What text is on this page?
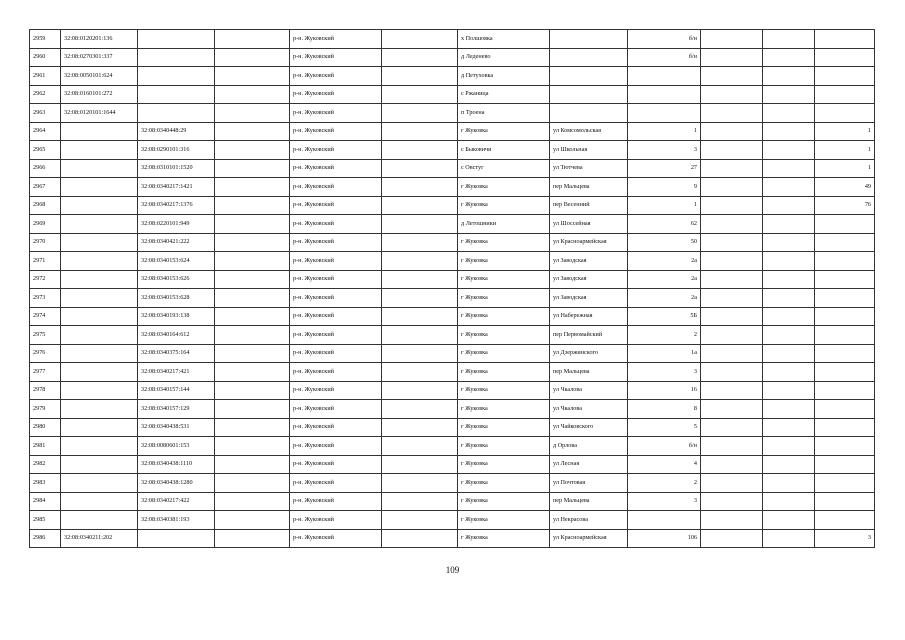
2959	32:08:0120201:136			р-н. Жуковский		х Полшовка		б/н			
2960	32:08:0270301:337			р-н. Жуковский		д Леденево		б/н			
2961	32:08:0050101:624			р-н. Жуковский		д Петуховка					
2962	32:08:0160101:272			р-н. Жуковский		с Ржаница					
2963	32:08:0120101:1644			р-н. Жуковский		п Троена					
2964		32:08:0340448:29		р-н. Жуковский		г Жуковка	ул Комсомольская	1			1
2965		32:08:0290101:316		р-н. Жуковский		с Быковичи	ул Школьная	3			1
2966		32:08:0310101:1520		р-н. Жуковский		с Овстуг	ул Тютчева	27			1
2967		32:08:0340217:1421		р-н. Жуковский		г Жуковка	пер Мальцева	9			49
2968		32:08:0340217:1376		р-н. Жуковский		г Жуковка	пер Весенний	1			76
2969		32:08:0220101:949		р-н. Жуковский		д Летошники	ул Шоссейная	62			
2970		32:08:0340421:222		р-н. Жуковский		г Жуковка	ул Красноармейская	50			
2971		32:08:0340153:624		р-н. Жуковский		г Жуковка	ул Заводская	2а			
2972		32:08:0340153:626		р-н. Жуковский		г Жуковка	ул Заводская	2а			
2973		32:08:0340153:628		р-н. Жуковский		г Жуковка	ул Заводская	2а			
2974		32:08:0340193:138		р-н. Жуковский		г Жуковка	ул Набережная	5Б			
2975		32:08:0340164:612		р-н. Жуковский		г Жуковка	пер Первомайский	2			
2976		32:08:0340375:164		р-н. Жуковский		г Жуковка	ул Дзержинского	1а			
2977		32:08:0340217:421		р-н. Жуковский		г Жуковка	пер Мальцева	3			
2978		32:08:0340157:144		р-н. Жуковский		г Жуковка	ул Чкалова	16			
2979		32:08:0340157:129		р-н. Жуковский		г Жуковка	ул Чкалова	8			
2980		32:08:0340438:531		р-н. Жуковский		г Жуковка	ул Чайковского	5			
2981		32:08:0080601:153		р-н. Жуковский		г Жуковка	д Орлова	б/н			
2982		32:08:0340438:1110		р-н. Жуковский		г Жуковка	ул Лесная	4			
2983		32:08:0340438:1280		р-н. Жуковский		г Жуковка	ул Почтовая	2			
2984		32:08:0340217:422		р-н. Жуковский		г Жуковка	пер Мальцева	3			
2985		32:08:0340381:193		р-н. Жуковский		г Жуковка	ул Некрасова				
2986	32:08:0340211:202			р-н. Жуковский		г Жуковка	ул Красноармейская	106			3
109
